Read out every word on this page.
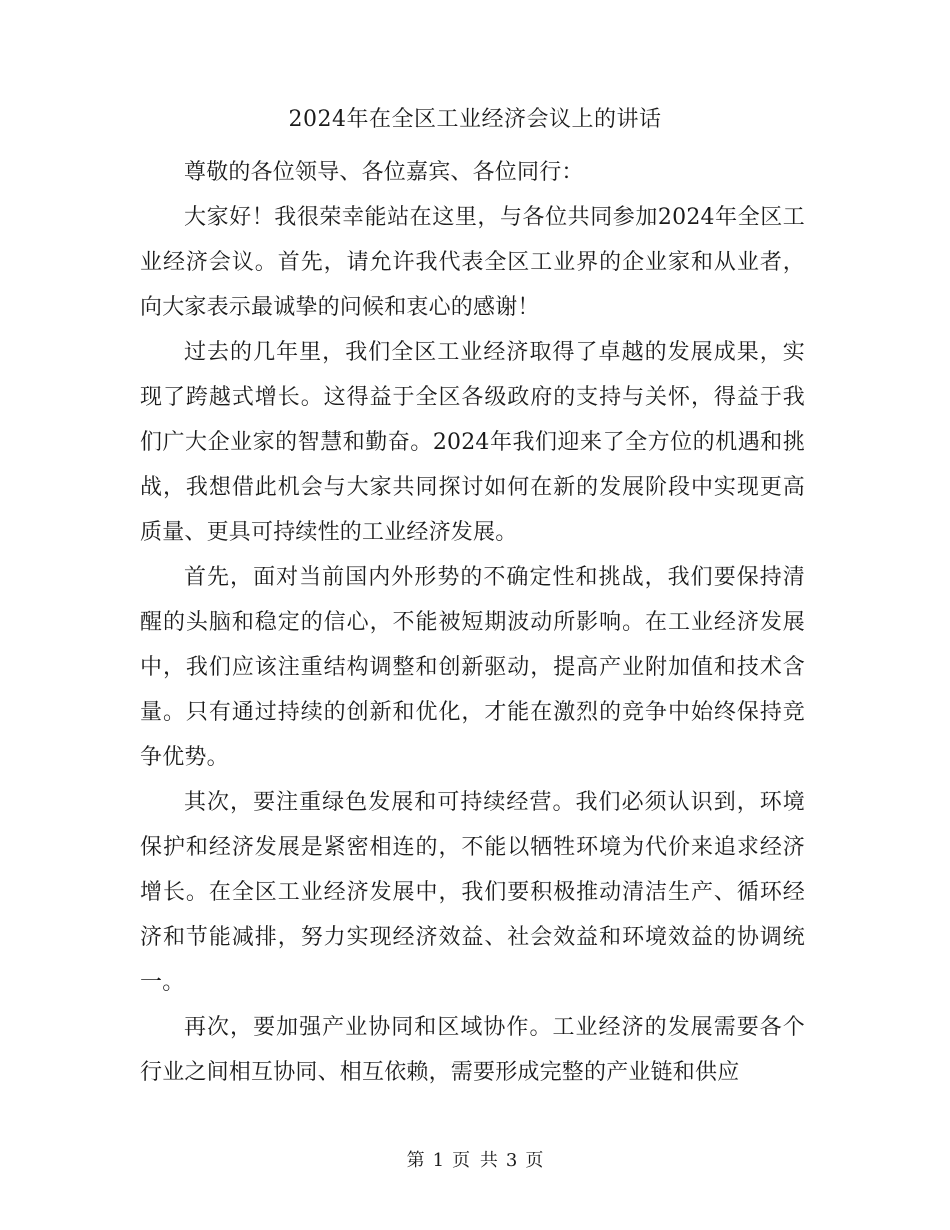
2024年在全区工业经济会议上的讲话

尊敬的各位领导、各位嘉宾、各位同行：

大家好！我很荣幸能站在这里，与各位共同参加2024年全区工业经济会议。首先，请允许我代表全区工业界的企业家和从业者，向大家表示最诚挚的问候和衷心的感谢！

过去的几年里，我们全区工业经济取得了卓越的发展成果，实现了跨越式增长。这得益于全区各级政府的支持与关怀，得益于我们广大企业家的智慧和勤奋。2024年我们迎来了全方位的机遇和挑战，我想借此机会与大家共同探讨如何在新的发展阶段中实现更高质量、更具可持续性的工业经济发展。

首先，面对当前国内外形势的不确定性和挑战，我们要保持清醒的头脑和稳定的信心，不能被短期波动所影响。在工业经济发展中，我们应该注重结构调整和创新驱动，提高产业附加值和技术含量。只有通过持续的创新和优化，才能在激烈的竞争中始终保持竞争优势。

其次，要注重绿色发展和可持续经营。我们必须认识到，环境保护和经济发展是紧密相连的，不能以牺牲环境为代价来追求经济增长。在全区工业经济发展中，我们要积极推动清洁生产、循环经济和节能减排，努力实现经济效益、社会效益和环境效益的协调统一。

再次，要加强产业协同和区域协作。工业经济的发展需要各个行业之间相互协同、相互依赖，需要形成完整的产业链和供应

第 1 页 共 3 页
